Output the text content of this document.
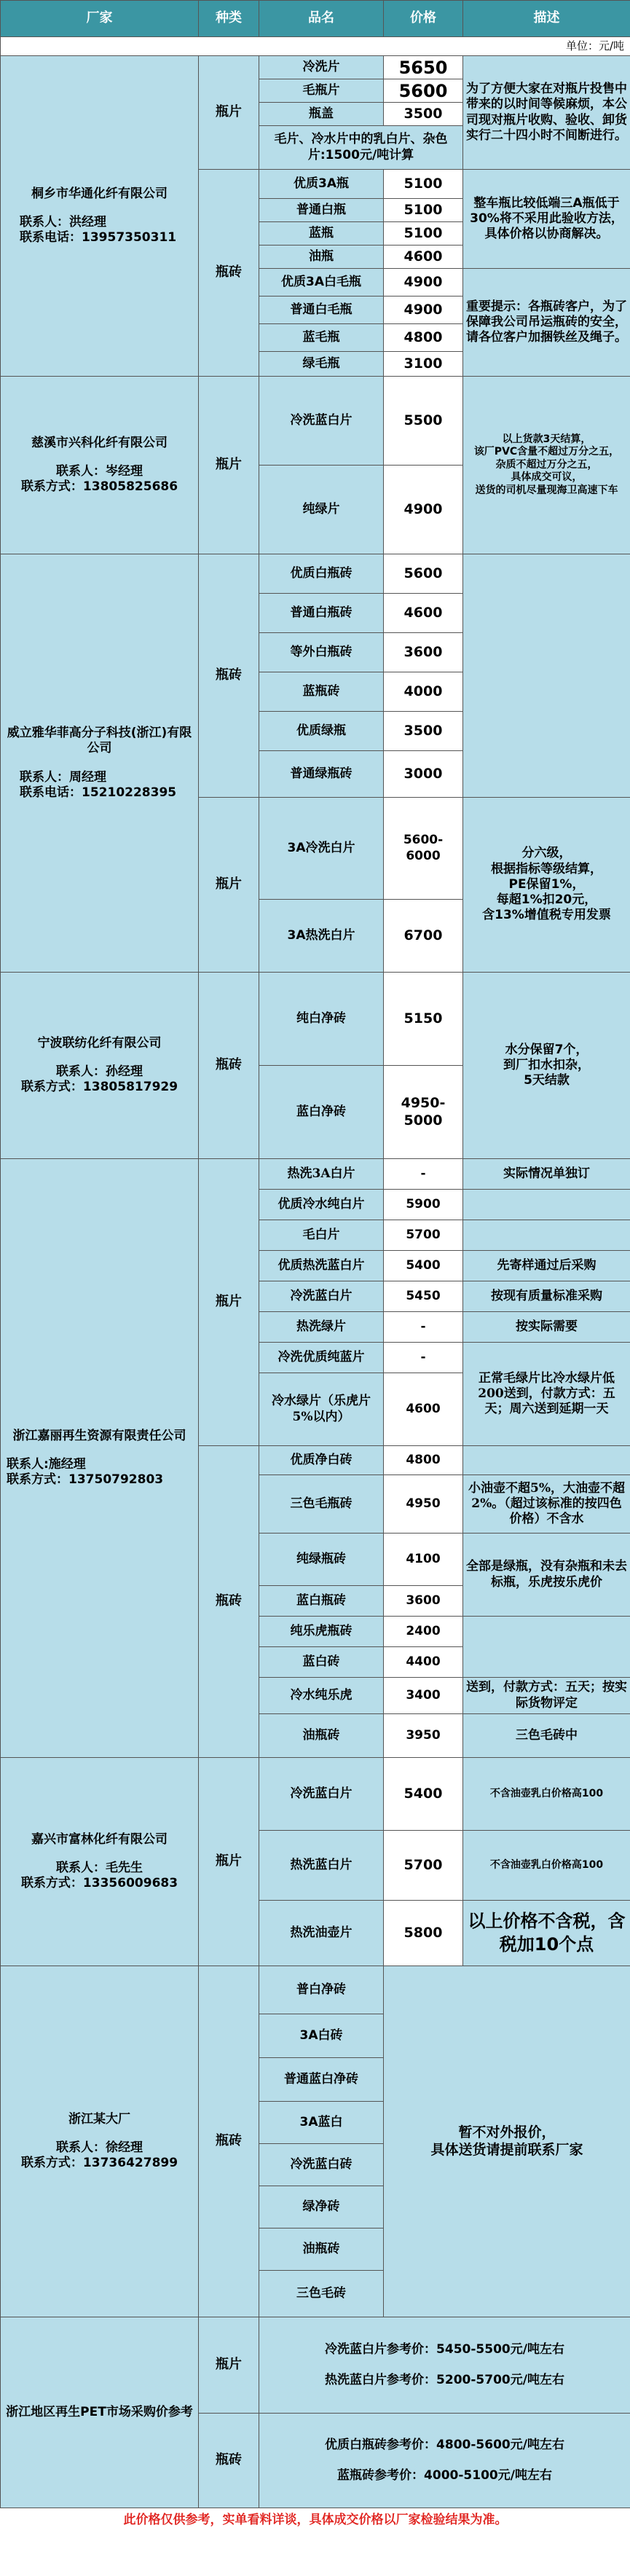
厂家	种类	品名	价格	描述
单位：元/吨				

桐乡市华通化纤有限公司
联系人：洪经理
联系电话：13957350311	瓶片	冷洗片	5650	为了方便大家在对瓶片投售中带来的以时间等候麻烦，本公司现对瓶片收购、验收、卸货实行二十四小时不间断进行。
		毛瓶片	5600	
		瓶盖	3500	
		毛片、冷水片中的乳白片、杂色片:1500元/吨计算		
	瓶砖	优质3A瓶	5100	整车瓶比较低端三A瓶低于30%将不采用此验收方法，具体价格以协商解决。
		普通白瓶	5100	
		蓝瓶	5100	
		油瓶	4600	
		优质3A白毛瓶	4900	重要提示：各瓶砖客户，为了保障我公司吊运瓶砖的安全，请各位客户加捆铁丝及绳子。
		普通白毛瓶	4900	
		蓝毛瓶	4800	
		绿毛瓶	3100	

慈溪市兴科化纤有限公司
联系人：岑经理
联系方式：13805825686	瓶片	冷洗蓝白片	5500	以上货款3天结算，
该厂PVC含量不超过万分之五，
杂质不超过万分之五，
具体成交可议，
送货的司机尽量现海卫高速下车

		纯绿片	4900	

威立雅华菲高分子科技(浙江)有限公司
联系人：周经理
联系电话：15210228395	瓶砖	优质白瓶砖	5600	
		普通白瓶砖	4600	
		等外白瓶砖	3600	
		蓝瓶砖	4000	
		优质绿瓶	3500	
		普通绿瓶砖	3000	
	瓶片	3A冷洗白片	5600-6000	分六级，
根据指标等级结算，
PE保留1%，
每超1%扣20元，
含13%增值税专用发票

		3A热洗白片	6700	

宁波联纺化纤有限公司
联系人：孙经理
联系方式：13805817929	瓶砖	纯白净砖	5150	水分保留7个，
到厂扣水扣杂，
5天结款

		蓝白净砖	4950-5000	

浙江嘉丽再生资源有限责任公司
联系人:施经理
联系方式：13750792803	瓶片	热洗3A白片	-	实际情况单独订
		优质冷水纯白片	5900	
		毛白片	5700	
		优质热洗蓝白片	5400	先寄样通过后采购
		冷洗蓝白片	5450	按现有质量标准采购
		热洗绿片	-	按实际需要
		冷洗优质纯蓝片	-	正常毛绿片比冷水绿片低200送到，付款方式：五天；周六送到延期一天
		冷水绿片（乐虎片5%以内）	4600	
	瓶砖	优质净白砖	4800	
		三色毛瓶砖	4950	小油壶不超5%，大油壶不超2%。（超过该标准的按四色价格）不含水
		纯绿瓶砖	4100	全部是绿瓶，没有杂瓶和未去标瓶，乐虎按乐虎价
		蓝白瓶砖	3600	
		纯乐虎瓶砖	2400	
		蓝白砖	4400	
		冷水纯乐虎	3400	送到，付款方式：五天；按实际货物评定
		油瓶砖	3950	三色毛砖中

嘉兴市富林化纤有限公司
联系人：毛先生
联系方式：13356009683	瓶片	冷洗蓝白片	5400	不含油壶乳白价格高100
		热洗蓝白片	5700	不含油壶乳白价格高100
		热洗油壶片	5800	以上价格不含税，含税加10个点

浙江某大厂
联系人：徐经理
联系方式：13736427899	瓶砖	普白净砖	暂不对外报价，
具体送货请提前联系厂家	

		3A白砖		
		普通蓝白净砖		
		3A蓝白		
		冷洗蓝白砖		
		绿净砖		
		油瓶砖		
		三色毛砖		
浙江地区再生PET市场采购价参考	瓶片	冷洗蓝白片参考价：5450-5500元/吨左右
热洗蓝白片参考价：5200-5700元/吨左右		

	瓶砖	优质白瓶砖参考价：4800-5600元/吨左右
蓝瓶砖参考价：4000-5100元/吨左右		

此价格仅供参考，实单看料详谈，具体成交价格以厂家检验结果为准。				
